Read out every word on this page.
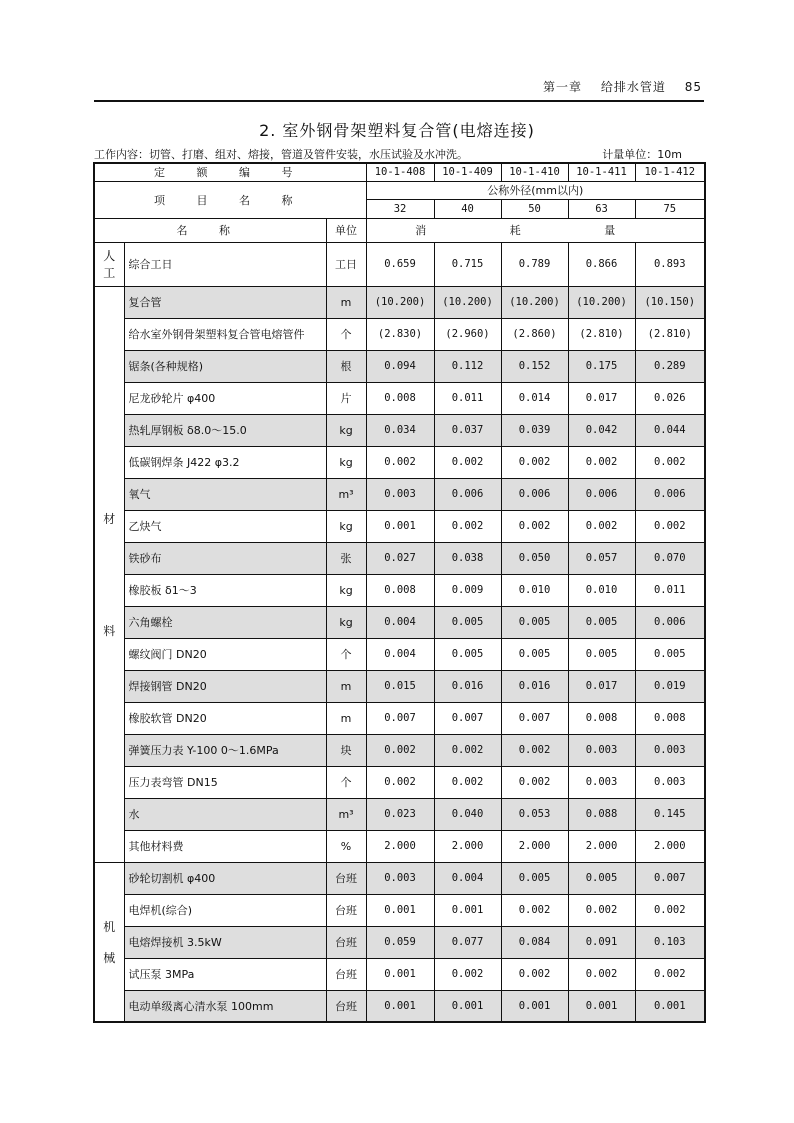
第一章 给排水管道 85
2. 室外钢骨架塑料复合管(电熔连接)
工作内容：切管、打磨、组对、熔接，管道及管件安装，水压试验及水冲洗。	计量单位：10m
定 额 编 号			10-1-408	10-1-409	10-1-410	10-1-411	10-1-412
项 目 名 称			公称外径(mm以内)				
			32	40	50	63	75
名 称		单位	消 耗 量				
人工	综合工日	工日	0.659	0.715	0.789	0.866	0.893

材
料	复合管	m	(10.200)	(10.200)	(10.200)	(10.200)	(10.150)
	给水室外钢骨架塑料复合管电熔管件	个	(2.830)	(2.960)	(2.860)	(2.810)	(2.810)
	锯条(各种规格)	根	0.094	0.112	0.152	0.175	0.289
	尼龙砂轮片 φ400	片	0.008	0.011	0.014	0.017	0.026
	热轧厚钢板 δ8.0～15.0	kg	0.034	0.037	0.039	0.042	0.044
	低碳钢焊条 J422 φ3.2	kg	0.002	0.002	0.002	0.002	0.002
	氧气	m³	0.003	0.006	0.006	0.006	0.006
	乙炔气	kg	0.001	0.002	0.002	0.002	0.002
	铁砂布	张	0.027	0.038	0.050	0.057	0.070
	橡胶板 δ1～3	kg	0.008	0.009	0.010	0.010	0.011
	六角螺栓	kg	0.004	0.005	0.005	0.005	0.006
	螺纹阀门 DN20	个	0.004	0.005	0.005	0.005	0.005
	焊接钢管 DN20	m	0.015	0.016	0.016	0.017	0.019
	橡胶软管 DN20	m	0.007	0.007	0.007	0.008	0.008
	弹簧压力表 Y-100 0～1.6MPa	块	0.002	0.002	0.002	0.003	0.003
	压力表弯管 DN15	个	0.002	0.002	0.002	0.003	0.003
	水	m³	0.023	0.040	0.053	0.088	0.145
	其他材料费	%	2.000	2.000	2.000	2.000	2.000

机
械	砂轮切割机 φ400	台班	0.003	0.004	0.005	0.005	0.007
	电焊机(综合)	台班	0.001	0.001	0.002	0.002	0.002
	电熔焊接机 3.5kW	台班	0.059	0.077	0.084	0.091	0.103
	试压泵 3MPa	台班	0.001	0.002	0.002	0.002	0.002
	电动单级离心清水泵 100mm	台班	0.001	0.001	0.001	0.001	0.001
